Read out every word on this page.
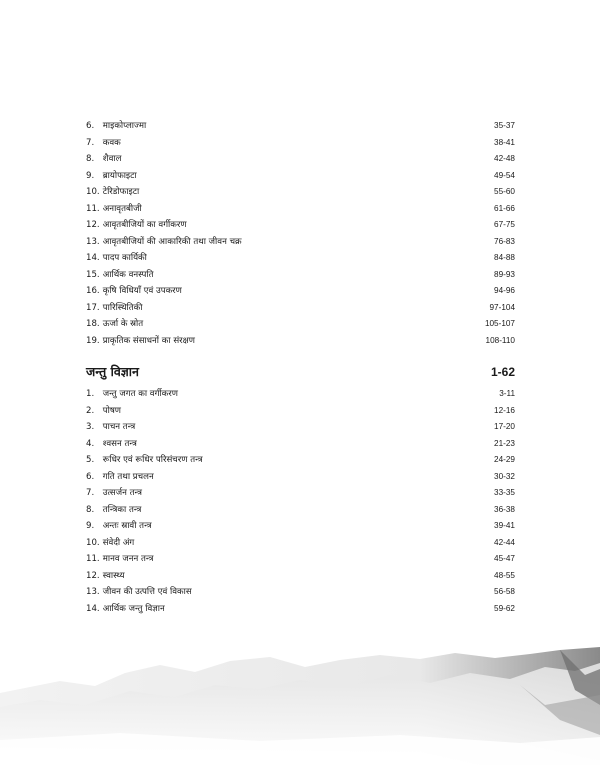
6. माइकोप्लाज्मा	35-37
7. कवक	38-41
8. शैवाल	42-48
9. ब्रायोफाइटा	49-54
10. टेरिडोफाइटा	55-60
11. अनावृतबीजी	61-66
12. आवृतबीजियों का वर्गीकरण	67-75
13. आवृतबीजियों की आकारिकी तथा जीवन चक्र	76-83
14. पादप कार्यिकी	84-88
15. आर्थिक वनस्पति	89-93
16. कृषि विधियाँ एवं उपकरण	94-96
17. पारिस्थितिकी	97-104
18. ऊर्जा के स्रोत	105-107
19. प्राकृतिक संसाधनों का संरक्षण	108-110
जन्तु विज्ञान	1-62
1. जन्तु जगत का वर्गीकरण	3-11
2. पोषण	12-16
3. पाचन तन्त्र	17-20
4. श्वसन तन्त्र	21-23
5. रूधिर एवं रूधिर परिसंचरण तन्त्र	24-29
6. गति तथा प्रचलन	30-32
7. उत्सर्जन तन्त्र	33-35
8. तन्त्रिका तन्त्र	36-38
9. अन्तः स्रावी तन्त्र	39-41
10. संवेदी अंग	42-44
11. मानव जनन तन्त्र	45-47
12. स्वास्थ्य	48-55
13. जीवन की उत्पत्ति एवं विकास	56-58
14. आर्थिक जन्तु विज्ञान	59-62
